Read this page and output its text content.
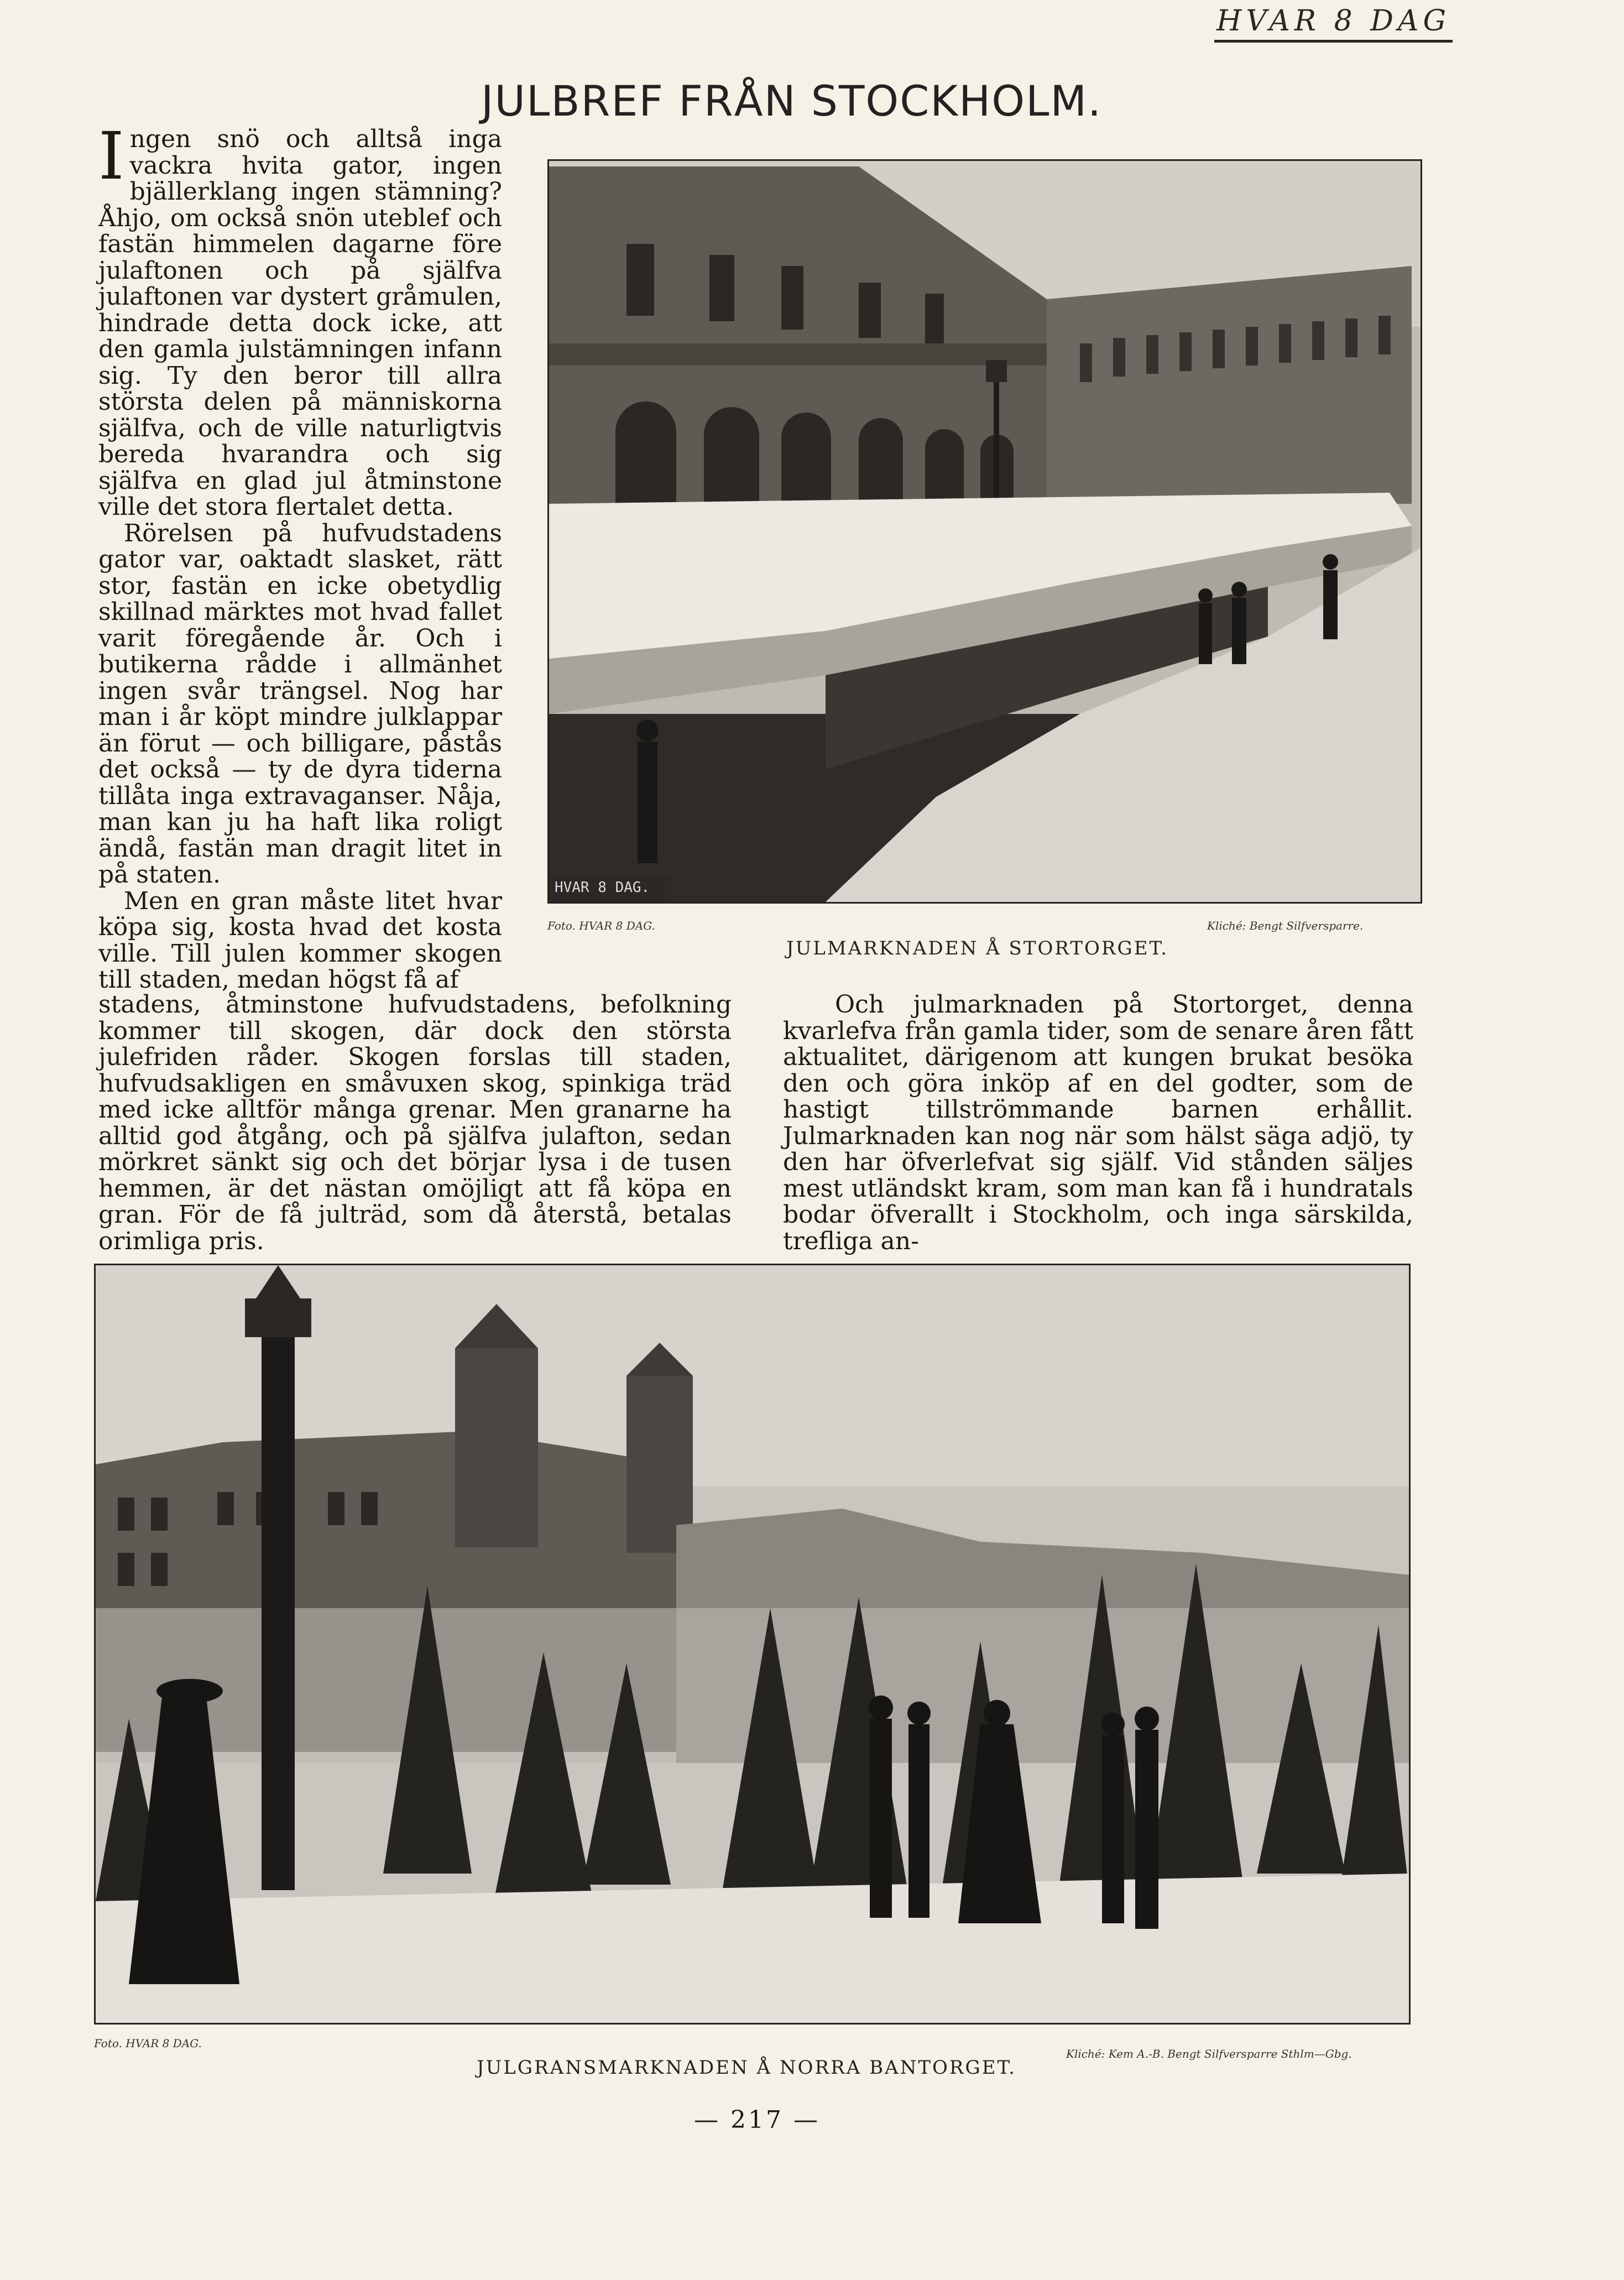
HVAR 8 DAG
JULBREF FRÅN STOCKHOLM.

Ingen snö och alltså inga vackra hvita gator, ingen bjällerklang ingen stämning? Åhjo, om också snön uteblef och fastän himmelen dagarne före julaftonen och på själfva julaftonen var dystert gråmulen, hindrade detta dock icke, att den gamla julstämningen infann sig. Ty den beror till allra största delen på människorna själfva, och de ville naturligtvis bereda hvarandra och sig själfva en glad jul åtminstone ville det stora flertalet detta.

Rörelsen på hufvudstadens gator var, oaktadt slasket, rätt stor, fastän en icke obetydlig skillnad märktes mot hvad fallet varit föregående år. Och i butikerna rådde i allmänhet ingen svår trängsel. Nog har man i år köpt mindre julklappar än förut — och billigare, påstås det också — ty de dyra tiderna tillåta inga extravaganser. Nåja, man kan ju ha haft lika roligt ändå, fastän man dragit litet in på staten.

Men en gran måste litet hvar köpa sig, kosta hvad det kosta ville. Till julen kommer skogen till staden, medan högst få af

stadens, åtminstone hufvudstadens, befolkning kommer till skogen, där dock den största julefriden råder. Skogen forslas till staden, hufvudsakligen en småvuxen skog, spinkiga träd med icke alltför många grenar. Men granarne ha alltid god åtgång, och på själfva julafton, sedan mörkret sänkt sig och det börjar lysa i de tusen hemmen, är det nästan omöjligt att få köpa en gran. För de få julträd, som då återstå, betalas orimliga pris.

Och julmarknaden på Stortorget, denna kvarlefva från gamla tider, som de senare åren fått aktualitet, därigenom att kungen brukat besöka den och göra inköp af en del godter, som de hastigt tillströmmande barnen erhållit. Julmarknaden kan nog när som hälst säga adjö, ty den har öfverlefvat sig själf. Vid stånden säljes mest utländskt kram, som man kan få i hundratals bodar öfverallt i Stockholm, och inga särskilda, trefliga an-

HVAR 8 DAG.
Foto. HVAR 8 DAG.	Kliché: Bengt Silfversparre.
JULMARKNADEN Å STORTORGET.
Foto. HVAR 8 DAG.
Kliché: Kem A.-B. Bengt Silfversparre Sthlm—Gbg.
JULGRANSMARKNADEN Å NORRA BANTORGET.
— 217 —
